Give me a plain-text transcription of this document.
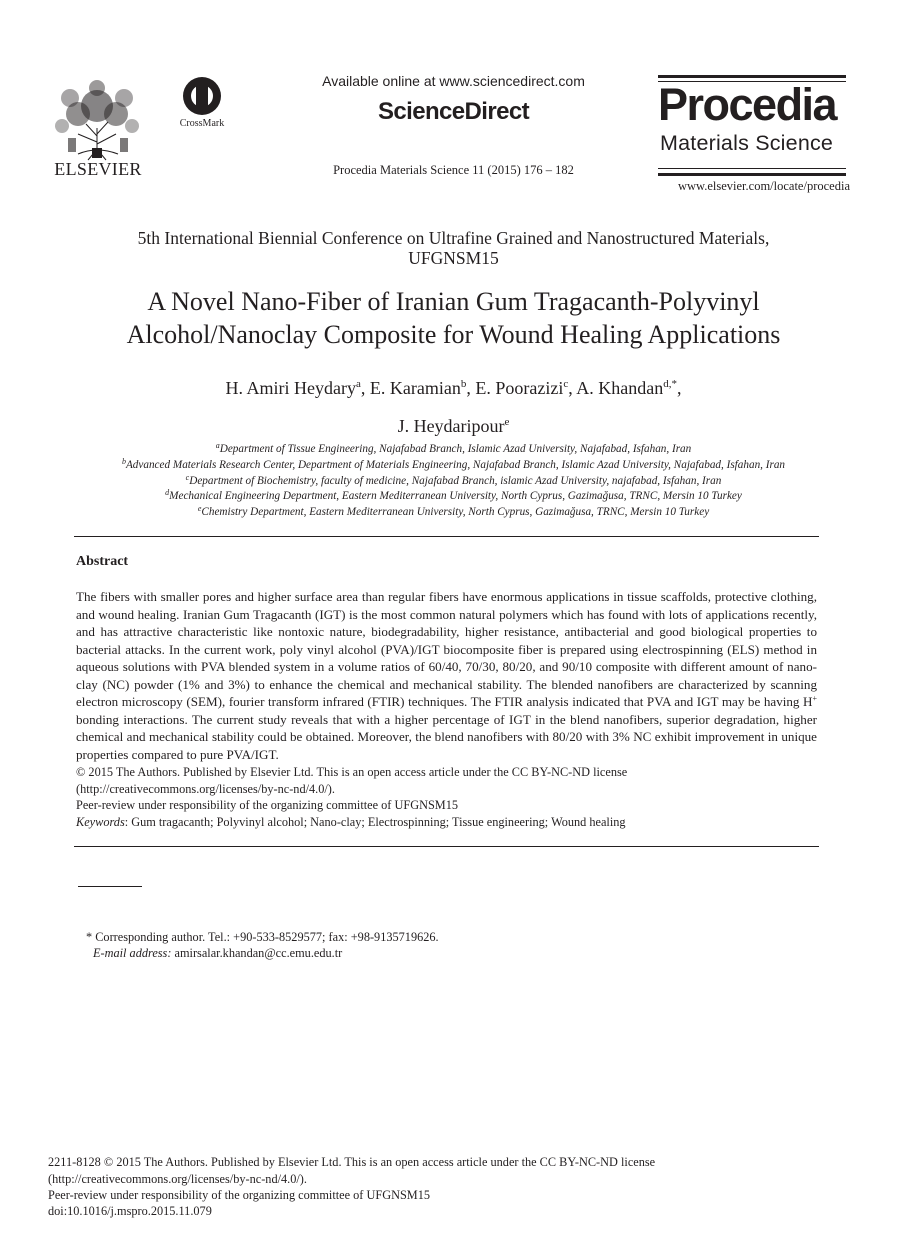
ELSEVIER
CrossMark
Available online at www.sciencedirect.com
ScienceDirect
Procedia Materials Science 11 (2015) 176 – 182
Procedia
Materials Science
www.elsevier.com/locate/procedia
5th International Biennial Conference on Ultrafine Grained and Nanostructured Materials,
UFGNSM15
A Novel Nano-Fiber of Iranian Gum Tragacanth-Polyvinyl
Alcohol/Nanoclay Composite for Wound Healing Applications
H. Amiri Heydary$^a$, E. Karamian$^b$, E. Poorazizi$^c$, A. Khandan$^{d,*}$,
J. Heydaripour$^e$
$^a$Department of Tissue Engineering, Najafabad Branch, Islamic Azad University, Najafabad, Isfahan, Iran
$^b$Advanced Materials Research Center, Department of Materials Engineering, Najafabad Branch, Islamic Azad University, Najafabad, Isfahan, Iran
$^c$Department of Biochemistry, faculty of medicine, Najafabad Branch, islamic Azad University, najafabad, Isfahan, Iran
$^d$Mechanical Engineering Department, Eastern Mediterranean University, North Cyprus, Gazimağusa, TRNC, Mersin 10 Turkey
$^e$Chemistry Department, Eastern Mediterranean University, North Cyprus, Gazimağusa, TRNC, Mersin 10 Turkey
Abstract
The fibers with smaller pores and higher surface area than regular fibers have enormous applications in tissue scaffolds, protective clothing, and wound healing. Iranian Gum Tragacanth (IGT) is the most common natural polymers which has found with lots of applications recently, and has attractive characteristic like nontoxic nature, biodegradability, higher resistance, antibacterial and good biological properties to bacterial attacks. In the current work, poly vinyl alcohol (PVA)/IGT biocomposite fiber is prepared using electrospinning (ELS) method in aqueous solutions with PVA blended system in a volume ratios of 60/40, 70/30, 80/20, and 90/10 composite with different amount of nano-clay (NC) powder (1% and 3%) to enhance the chemical and mechanical stability. The blended nanofibers are characterized by scanning electron microscopy (SEM), fourier transform infrared (FTIR) techniques. The FTIR analysis indicated that PVA and IGT may be having H+ bonding interactions. The current study reveals that with a higher percentage of IGT in the blend nanofibers, superior degradation, higher chemical and mechanical stability could be obtained. Moreover, the blend nanofibers with 80/20 with 3% NC exhibit improvement in unique properties compared to pure PVA/IGT.
© 2015 The Authors. Published by Elsevier Ltd. This is an open access article under the CC BY-NC-ND license
(http://creativecommons.org/licenses/by-nc-nd/4.0/).
Peer-review under responsibility of the organizing committee of UFGNSM15
Keywords: Gum tragacanth; Polyvinyl alcohol; Nano-clay; Electrospinning; Tissue engineering; Wound healing
* Corresponding author. Tel.: +90-533-8529577; fax: +98-9135719626.
E-mail address: amirsalar.khandan@cc.emu.edu.tr
2211-8128 © 2015 The Authors. Published by Elsevier Ltd. This is an open access article under the CC BY-NC-ND license
(http://creativecommons.org/licenses/by-nc-nd/4.0/).
Peer-review under responsibility of the organizing committee of UFGNSM15
doi:10.1016/j.mspro.2015.11.079
